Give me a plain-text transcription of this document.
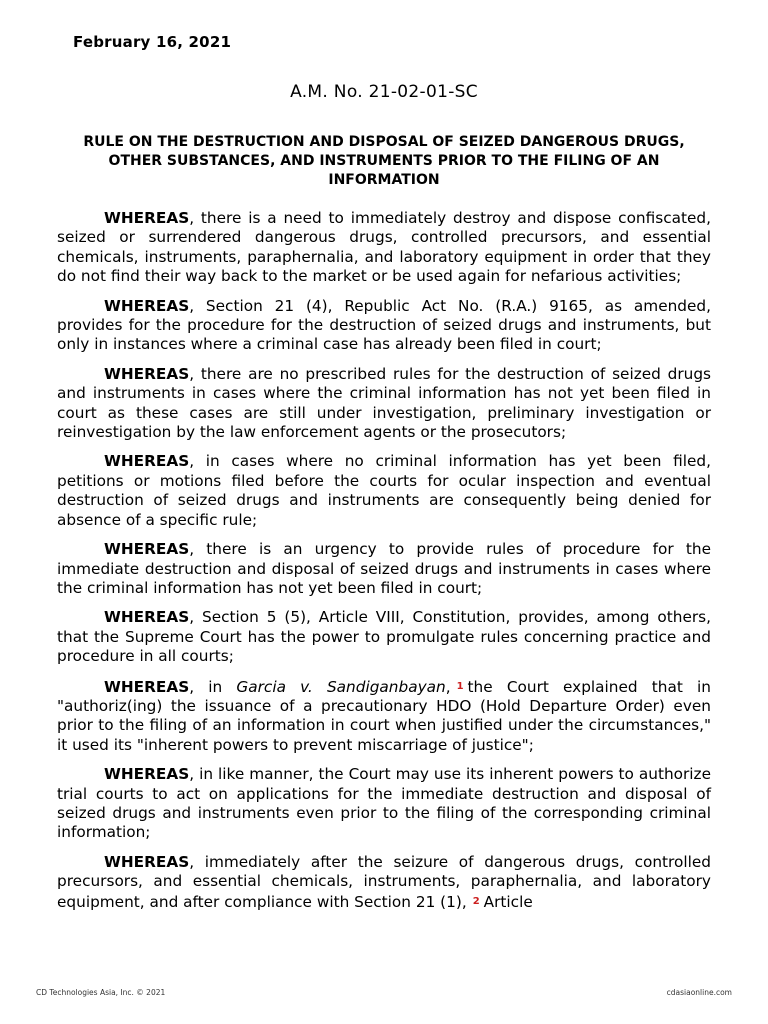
February 16, 2021
A.M. No. 21-02-01-SC
RULE ON THE DESTRUCTION AND DISPOSAL OF SEIZED DANGEROUS DRUGS, OTHER SUBSTANCES, AND INSTRUMENTS PRIOR TO THE FILING OF AN INFORMATION

WHEREAS, there is a need to immediately destroy and dispose confiscated, seized or surrendered dangerous drugs, controlled precursors, and essential chemicals, instruments, paraphernalia, and laboratory equipment in order that they do not find their way back to the market or be used again for nefarious activities;

WHEREAS, Section 21 (4), Republic Act No. (R.A.) 9165, as amended, provides for the procedure for the destruction of seized drugs and instruments, but only in instances where a criminal case has already been filed in court;

WHEREAS, there are no prescribed rules for the destruction of seized drugs and instruments in cases where the criminal information has not yet been filed in court as these cases are still under investigation, preliminary investigation or reinvestigation by the law enforcement agents or the prosecutors;

WHEREAS, in cases where no criminal information has yet been filed, petitions or motions filed before the courts for ocular inspection and eventual destruction of seized drugs and instruments are consequently being denied for absence of a specific rule;

WHEREAS, there is an urgency to provide rules of procedure for the immediate destruction and disposal of seized drugs and instruments in cases where the criminal information has not yet been filed in court;

WHEREAS, Section 5 (5), Article VIII, Constitution, provides, among others, that the Supreme Court has the power to promulgate rules concerning practice and procedure in all courts;

WHEREAS, in Garcia v. Sandiganbayan, 1 the Court explained that in "authoriz(ing) the issuance of a precautionary HDO (Hold Departure Order) even prior to the filing of an information in court when justified under the circumstances," it used its "inherent powers to prevent miscarriage of justice";

WHEREAS, in like manner, the Court may use its inherent powers to authorize trial courts to act on applications for the immediate destruction and disposal of seized drugs and instruments even prior to the filing of the corresponding criminal information;

WHEREAS, immediately after the seizure of dangerous drugs, controlled precursors, and essential chemicals, instruments, paraphernalia, and laboratory equipment, and after compliance with Section 21 (1), 2 Article

CD Technologies Asia, Inc. © 2021	cdasiaonline.com
